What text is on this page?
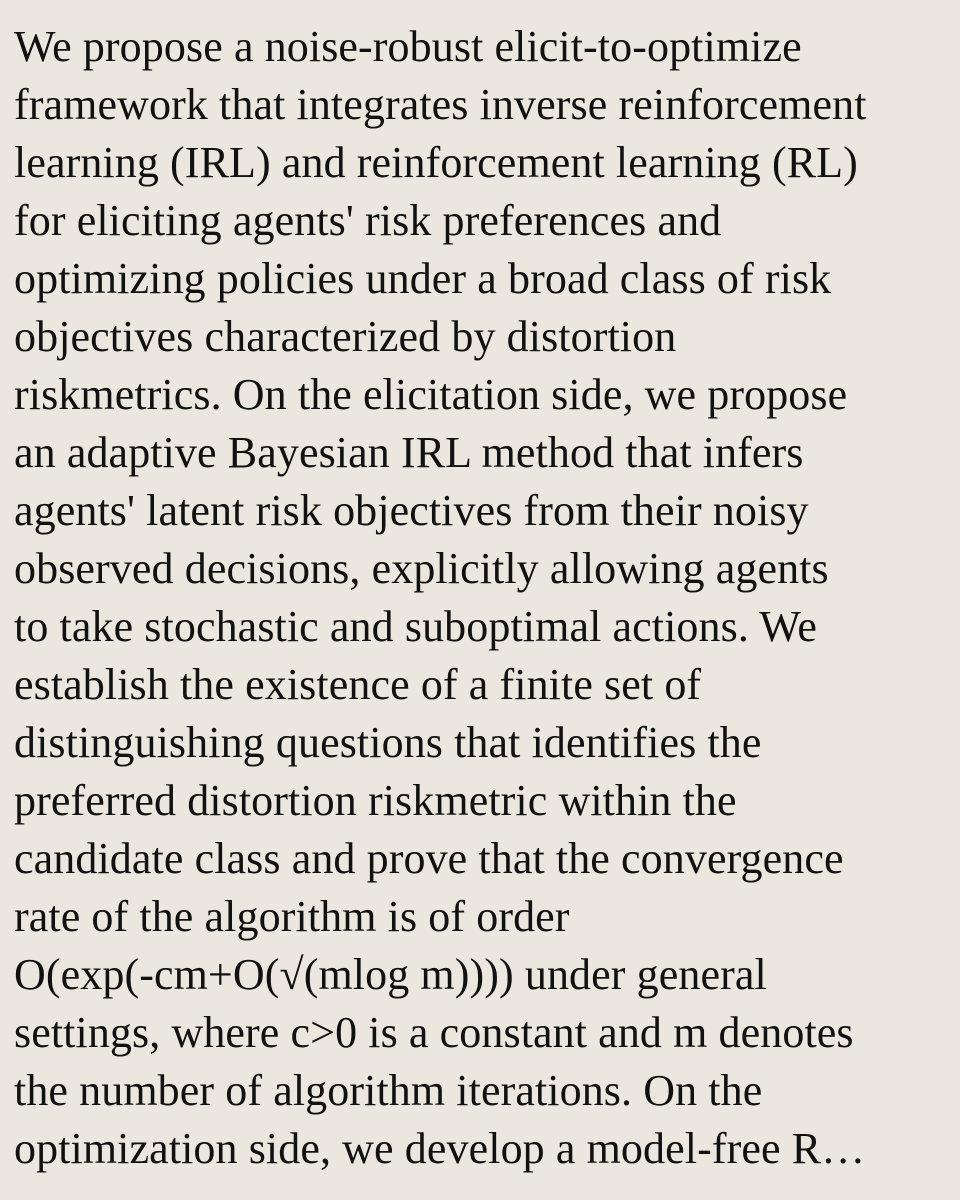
We propose a noise-robust elicit-to-optimize
framework that integrates inverse reinforcement
learning (IRL) and reinforcement learning (RL)
for eliciting agents' risk preferences and
optimizing policies under a broad class of risk
objectives characterized by distortion
riskmetrics. On the elicitation side, we propose
an adaptive Bayesian IRL method that infers
agents' latent risk objectives from their noisy
observed decisions, explicitly allowing agents
to take stochastic and suboptimal actions. We
establish the existence of a finite set of
distinguishing questions that identifies the
preferred distortion riskmetric within the
candidate class and prove that the convergence
rate of the algorithm is of order
O(exp(-cm+O(√(mlog m)))) under general
settings, where c>0 is a constant and m denotes
the number of algorithm iterations. On the
optimization side, we develop a model-free R…
